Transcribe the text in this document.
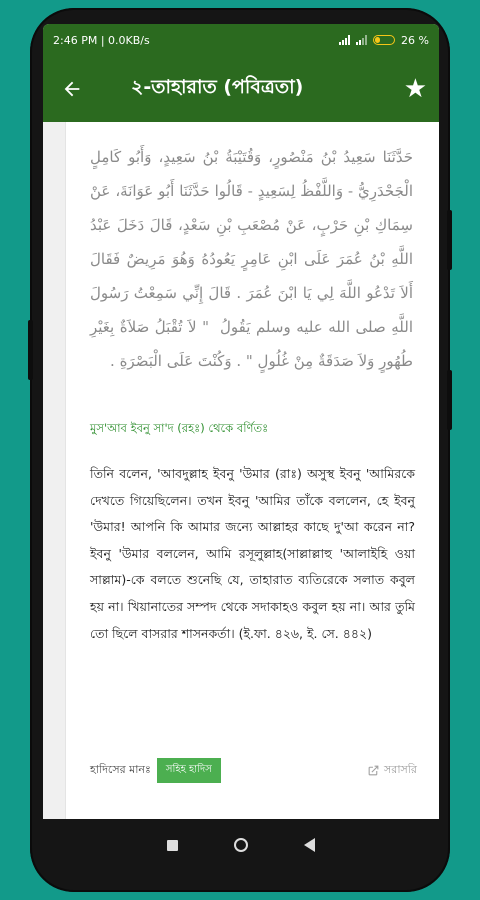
2:46 PM | 0.0KB/s	26 %
২-তাহারাত (পবিত্রতা)	★

حَدَّثَنَا سَعِيدُ بْنُ مَنْصُورٍ، وَقُتَيْبَةُ بْنُ سَعِيدٍ، وَأَبُو كَامِلٍ الْجَحْدَرِيُّ - وَاللَّفْظُ لِسَعِيدٍ - قَالُوا حَدَّثَنَا أَبُو عَوَانَةَ، عَنْ سِمَاكِ بْنِ حَرْبٍ، عَنْ مُصْعَبِ بْنِ سَعْدٍ، قَالَ دَخَلَ عَبْدُ اللَّهِ بْنُ عُمَرَ عَلَى ابْنِ عَامِرٍ يَعُودُهُ وَهُوَ مَرِيضٌ فَقَالَ أَلاَ تَدْعُو اللَّهَ لِي يَا ابْنَ عُمَرَ ‏.‏ قَالَ إِنِّي سَمِعْتُ رَسُولَ اللَّهِ صلى الله عليه وسلم يَقُولُ ‏ " لاَ تُقْبَلُ صَلاَةٌ بِغَيْرِ طُهُورٍ وَلاَ صَدَقَةٌ مِنْ غُلُولٍ ‏" ‏.‏ وَكُنْتَ عَلَى الْبَصْرَةِ ‏.‏

মুস'আব ইবনু সা'দ (রহঃ) থেকে বর্ণিতঃ

তিনি বলেন, 'আবদুল্লাহ ইবনু 'উমার (রাঃ) অসুস্থ ইবনু 'আমিরকে দেখতে গিয়েছিলেন। তখন ইবনু 'আমির তাঁকে বললেন, হে ইবনু 'উমার! আপনি কি আমার জন্যে আল্লাহর কাছে দু'আ করেন না? ইবনু 'উমার বললেন, আমি রসূলুল্লাহ(সাল্লাল্লাহু 'আলাইহি ওয়া সাল্লাম)-কে বলতে শুনেছি যে, তাহারাত ব্যতিরেকে সলাত কবুল হয় না। খিয়ানাতের সম্পদ থেকে সদাকাহও কবুল হয় না। আর তুমি তো ছিলে বাসরার শাসনকর্তা। (ই.ফা. ৪২৬, ই. সে. ৪৪২)

হাদিসের মানঃ	সহিহ হাদিস	সরাসরি
